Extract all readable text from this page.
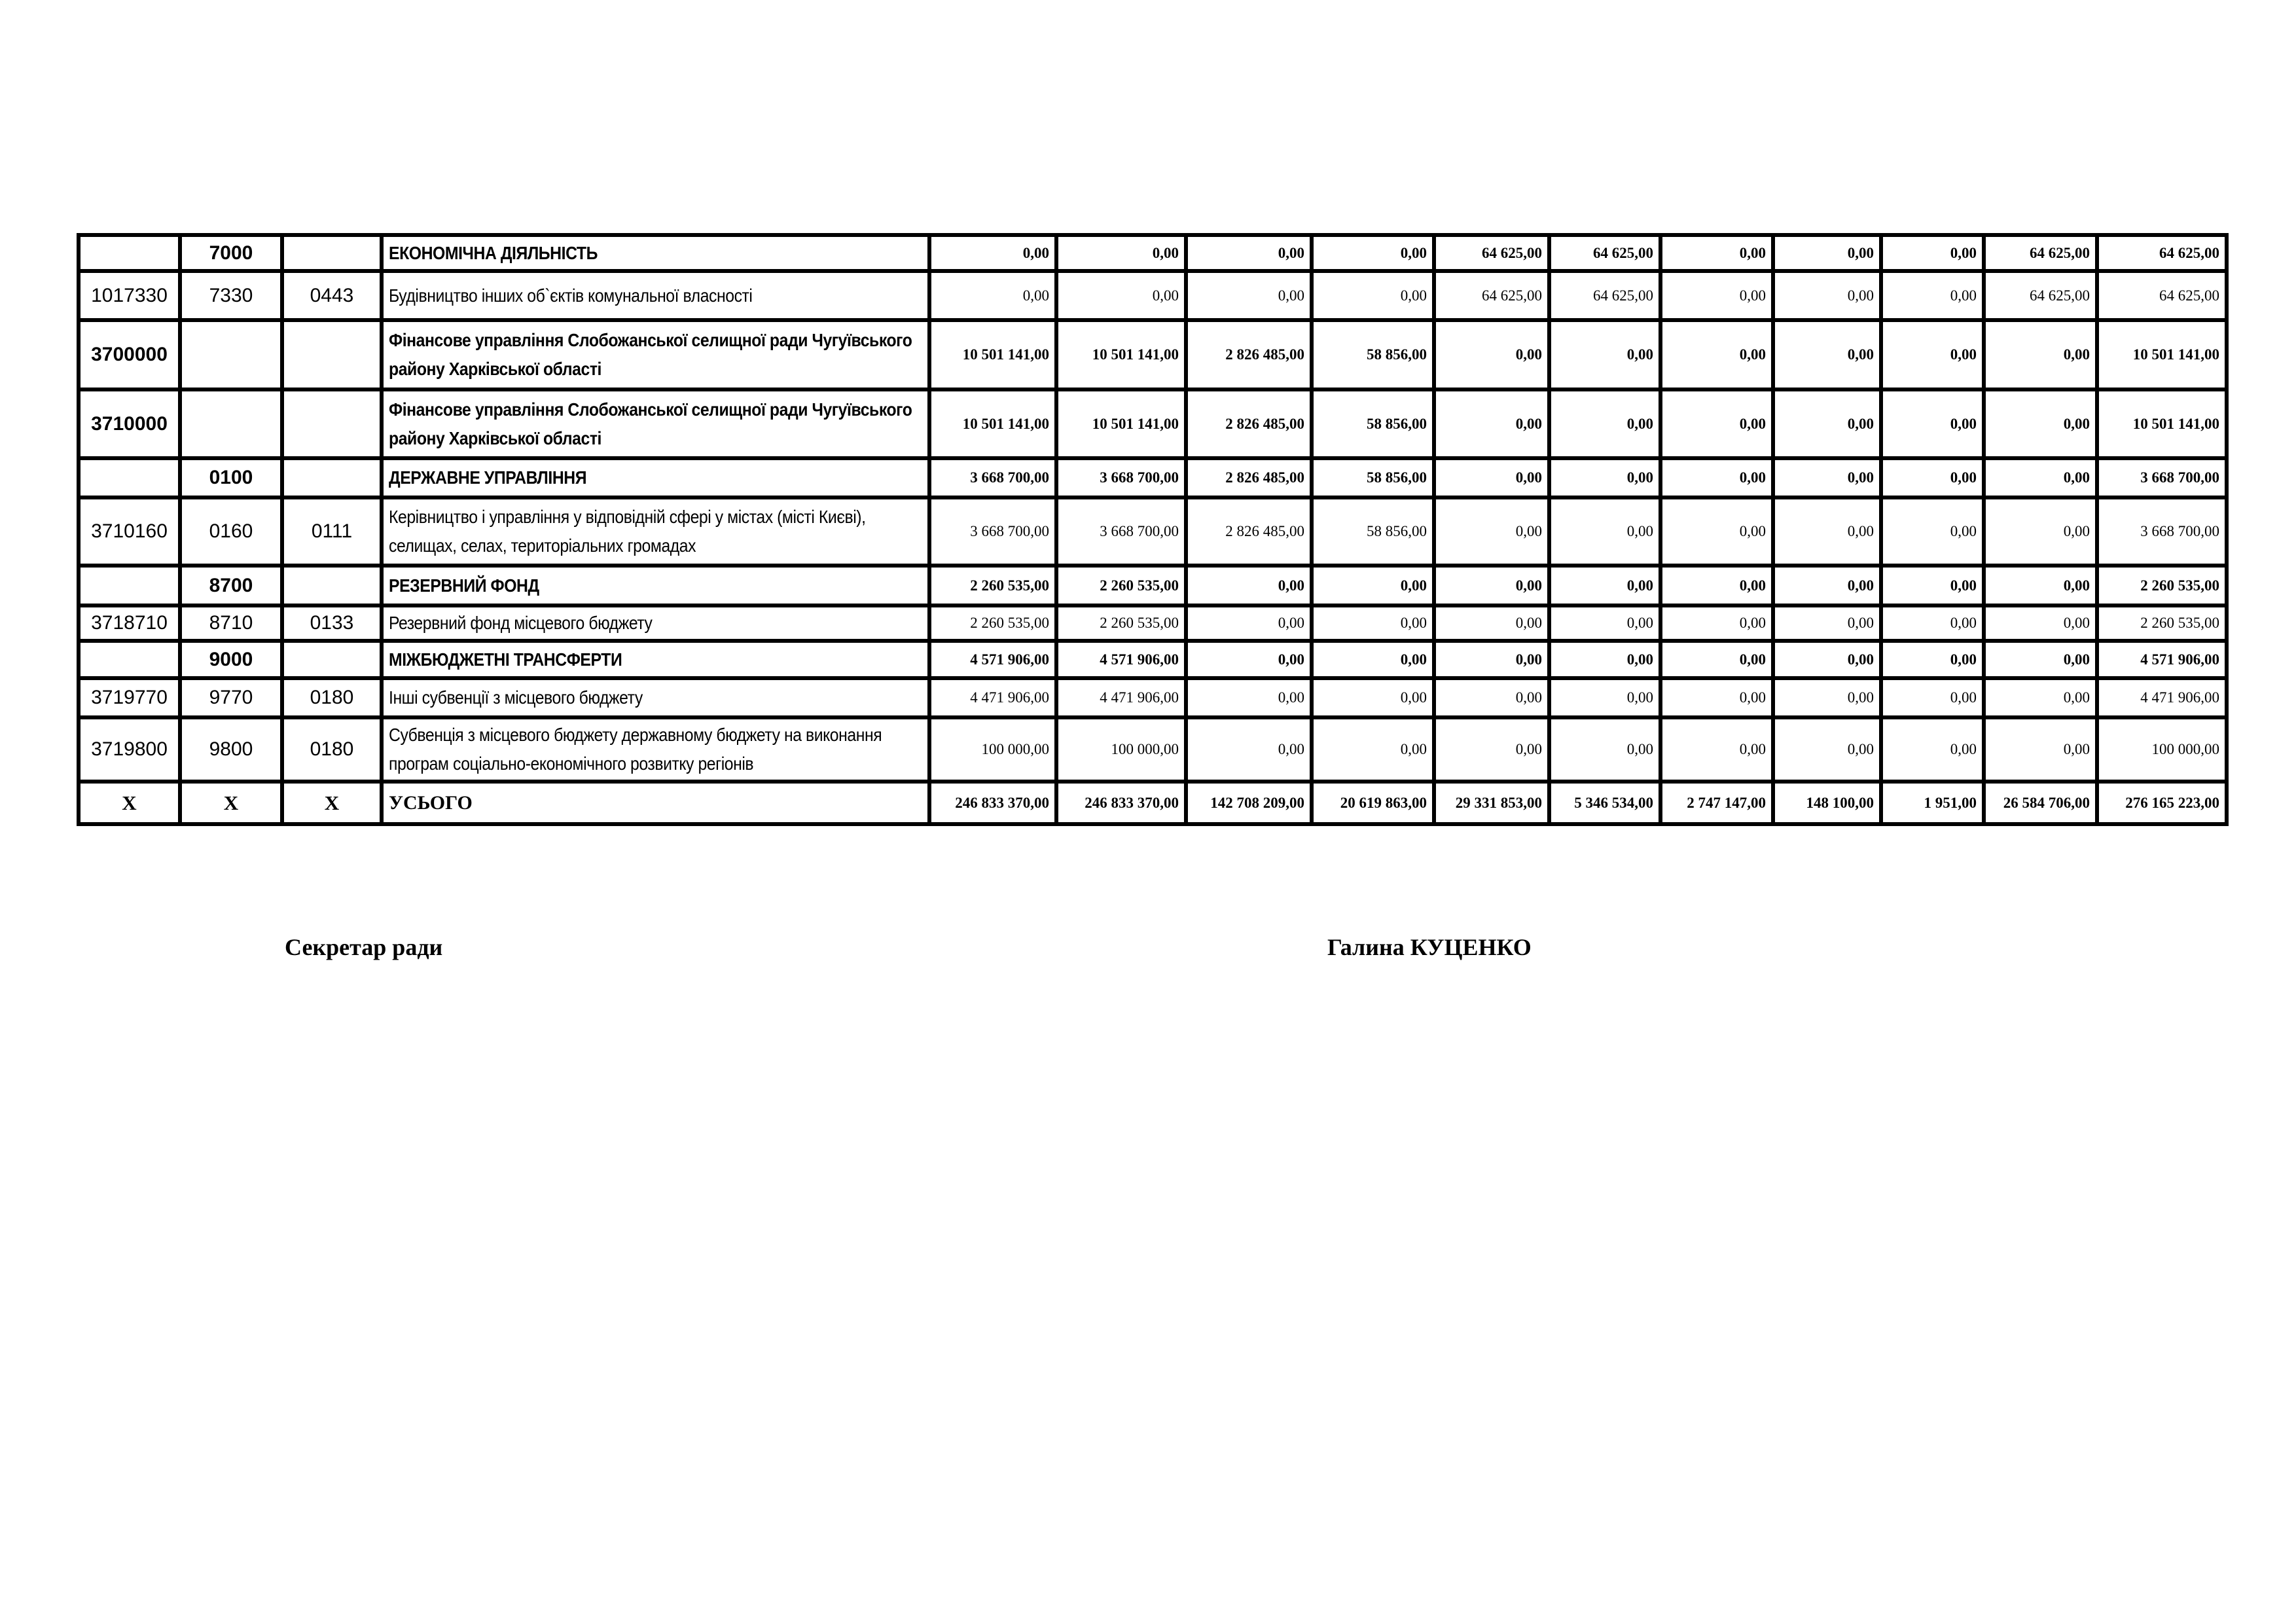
	7000		ЕКОНОМІЧНА ДІЯЛЬНІСТЬ	0,00	0,00	0,00	0,00	64 625,00	64 625,00	0,00	0,00	0,00	64 625,00	64 625,00
1017330	7330	0443	Будівництво інших об`єктів комунальної власності	0,00	0,00	0,00	0,00	64 625,00	64 625,00	0,00	0,00	0,00	64 625,00	64 625,00
3700000			Фінансове управління Слобожанської селищної ради Чугуївського району Харківської області	10 501 141,00	10 501 141,00	2 826 485,00	58 856,00	0,00	0,00	0,00	0,00	0,00	0,00	10 501 141,00
3710000			Фінансове управління Слобожанської селищної ради Чугуївського району Харківської області	10 501 141,00	10 501 141,00	2 826 485,00	58 856,00	0,00	0,00	0,00	0,00	0,00	0,00	10 501 141,00
	0100		ДЕРЖАВНЕ УПРАВЛІННЯ	3 668 700,00	3 668 700,00	2 826 485,00	58 856,00	0,00	0,00	0,00	0,00	0,00	0,00	3 668 700,00
3710160	0160	0111	Керівництво і управління у відповідній сфері у містах (місті Києві), селищах, селах, територіальних громадах	3 668 700,00	3 668 700,00	2 826 485,00	58 856,00	0,00	0,00	0,00	0,00	0,00	0,00	3 668 700,00
	8700		РЕЗЕРВНИЙ ФОНД	2 260 535,00	2 260 535,00	0,00	0,00	0,00	0,00	0,00	0,00	0,00	0,00	2 260 535,00
3718710	8710	0133	Резервний фонд місцевого бюджету	2 260 535,00	2 260 535,00	0,00	0,00	0,00	0,00	0,00	0,00	0,00	0,00	2 260 535,00
	9000		МІЖБЮДЖЕТНІ ТРАНСФЕРТИ	4 571 906,00	4 571 906,00	0,00	0,00	0,00	0,00	0,00	0,00	0,00	0,00	4 571 906,00
3719770	9770	0180	Інші субвенції з місцевого бюджету	4 471 906,00	4 471 906,00	0,00	0,00	0,00	0,00	0,00	0,00	0,00	0,00	4 471 906,00
3719800	9800	0180	Субвенція з місцевого бюджету державному бюджету на виконання програм соціально-економічного розвитку регіонів	100 000,00	100 000,00	0,00	0,00	0,00	0,00	0,00	0,00	0,00	0,00	100 000,00
X	X	X	УСЬОГО	246 833 370,00	246 833 370,00	142 708 209,00	20 619 863,00	29 331 853,00	5 346 534,00	2 747 147,00	148 100,00	1 951,00	26 584 706,00	276 165 223,00
Секретар ради	Галина КУЦЕНКО
